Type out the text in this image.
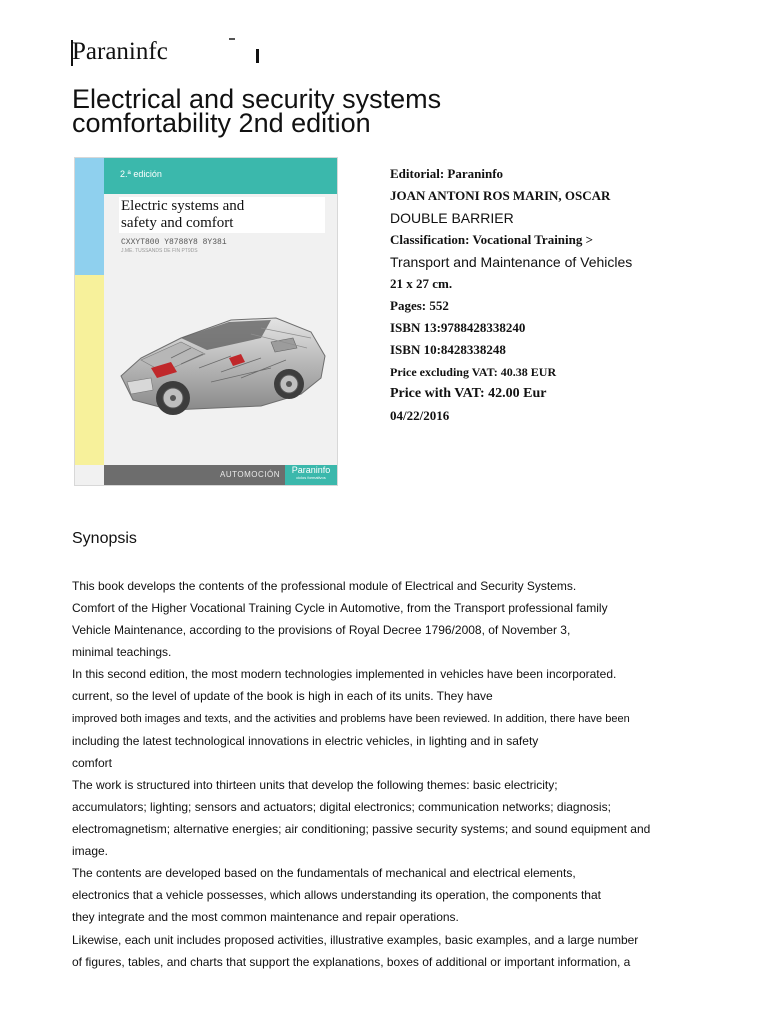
Paraninfc
Electrical and security systems
comfortability 2nd edition
2.ª edición

Electric systems and
safety and comfort

CXXYT800 Y8788Y8 8Y38i
J.ME. TUSSANDS DE FIN PT9DS
AUTOMOCIÓN	Paraninfo
ciclos formativos
Editorial: Paraninfo
JOAN ANTONI ROS MARIN, OSCAR
DOUBLE BARRIER
Classification: Vocational Training >
Transport and Maintenance of Vehicles
21 x 27 cm.
Pages: 552
ISBN 13:9788428338240
ISBN 10:8428338248
Price excluding VAT: 40.38 EUR
Price with VAT: 42.00 Eur
04/22/2016
Synopsis
This book develops the contents of the professional module of Electrical and Security Systems.
Comfort of the Higher Vocational Training Cycle in Automotive, from the Transport professional family
Vehicle Maintenance, according to the provisions of Royal Decree 1796/2008, of November 3,
minimal teachings.
In this second edition, the most modern technologies implemented in vehicles have been incorporated.
current, so the level of update of the book is high in each of its units. They have
improved both images and texts, and the activities and problems have been reviewed. In addition, there have been
including the latest technological innovations in electric vehicles, in lighting and in safety
comfort
The work is structured into thirteen units that develop the following themes: basic electricity;
accumulators; lighting; sensors and actuators; digital electronics; communication networks; diagnosis;
electromagnetism; alternative energies; air conditioning; passive security systems; and sound equipment and
image.
The contents are developed based on the fundamentals of mechanical and electrical elements,
electronics that a vehicle possesses, which allows understanding its operation, the components that
they integrate and the most common maintenance and repair operations.
Likewise, each unit includes proposed activities, illustrative examples, basic examples, and a large number
of figures, tables, and charts that support the explanations, boxes of additional or important information, a
